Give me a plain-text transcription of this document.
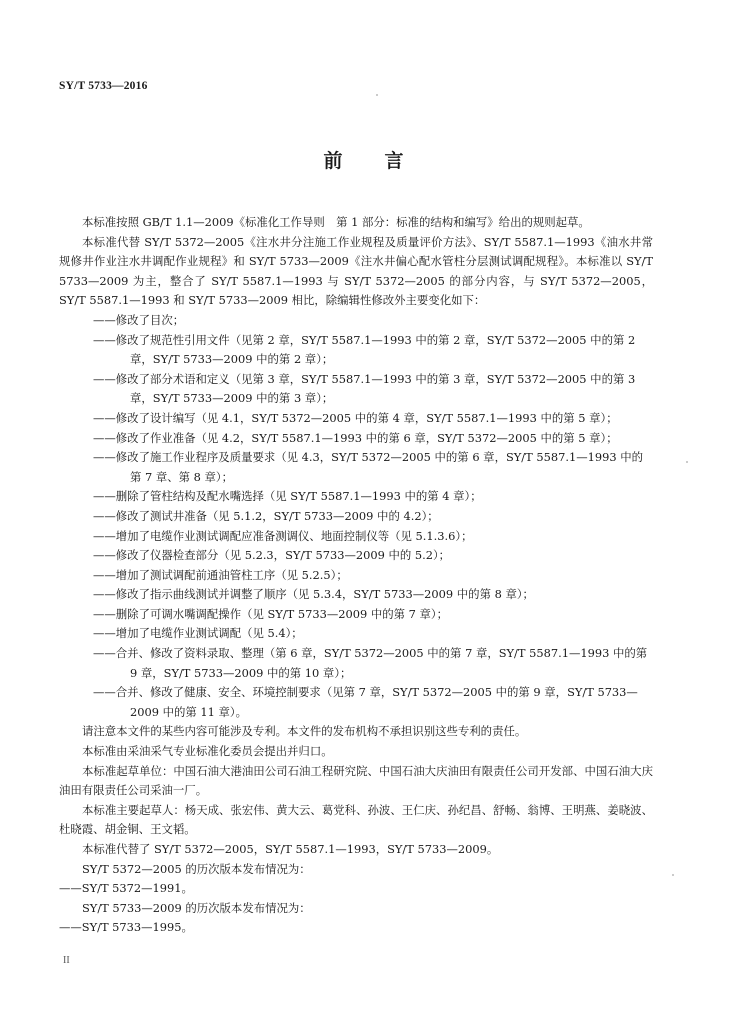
SY/T 5733—2016
前 言

本标准按照 GB/T 1.1—2009《标准化工作导则　第 1 部分：标准的结构和编写》给出的规则起草。

本标准代替 SY/T 5372—2005《注水井分注施工作业规程及质量评价方法》、SY/T 5587.1—1993《油水井常规修井作业注水井调配作业规程》和 SY/T 5733—2009《注水井偏心配水管柱分层测试调配规程》。本标准以 SY/T 5733—2009 为主，整合了 SY/T 5587.1—1993 与 SY/T 5372—2005 的部分内容，与 SY/T 5372—2005，SY/T 5587.1—1993 和 SY/T 5733—2009 相比，除编辑性修改外主要变化如下：

——修改了目次；

——修改了规范性引用文件（见第 2 章，SY/T 5587.1—1993 中的第 2 章，SY/T 5372—2005 中的第 2 章，SY/T 5733—2009 中的第 2 章）；

——修改了部分术语和定义（见第 3 章，SY/T 5587.1—1993 中的第 3 章，SY/T 5372—2005 中的第 3 章，SY/T 5733—2009 中的第 3 章）；

——修改了设计编写（见 4.1，SY/T 5372—2005 中的第 4 章，SY/T 5587.1—1993 中的第 5 章）；

——修改了作业准备（见 4.2，SY/T 5587.1—1993 中的第 6 章，SY/T 5372—2005 中的第 5 章）；

——修改了施工作业程序及质量要求（见 4.3，SY/T 5372—2005 中的第 6 章，SY/T 5587.1—1993 中的第 7 章、第 8 章）；

——删除了管柱结构及配水嘴选择（见 SY/T 5587.1—1993 中的第 4 章）；

——修改了测试井准备（见 5.1.2，SY/T 5733—2009 中的 4.2）；

——增加了电缆作业测试调配应准备测调仪、地面控制仪等（见 5.1.3.6）；

——修改了仪器检查部分（见 5.2.3，SY/T 5733—2009 中的 5.2）；

——增加了测试调配前通油管柱工序（见 5.2.5）；

——修改了指示曲线测试并调整了顺序（见 5.3.4，SY/T 5733—2009 中的第 8 章）；

——删除了可调水嘴调配操作（见 SY/T 5733—2009 中的第 7 章）；

——增加了电缆作业测试调配（见 5.4）；

——合并、修改了资料录取、整理（第 6 章，SY/T 5372—2005 中的第 7 章，SY/T 5587.1—1993 中的第 9 章，SY/T 5733—2009 中的第 10 章）；

——合并、修改了健康、安全、环境控制要求（见第 7 章，SY/T 5372—2005 中的第 9 章，SY/T 5733—2009 中的第 11 章）。

请注意本文件的某些内容可能涉及专利。本文件的发布机构不承担识别这些专利的责任。

本标准由采油采气专业标准化委员会提出并归口。

本标准起草单位：中国石油大港油田公司石油工程研究院、中国石油大庆油田有限责任公司开发部、中国石油大庆油田有限责任公司采油一厂。

本标准主要起草人：杨天成、张宏伟、黄大云、葛党科、孙波、王仁庆、孙纪昌、舒畅、翁博、王明燕、姜晓波、杜晓霞、胡金铜、王文韬。

本标准代替了 SY/T 5372—2005，SY/T 5587.1—1993，SY/T 5733—2009。

SY/T 5372—2005 的历次版本发布情况为：

——SY/T 5372—1991。

SY/T 5733—2009 的历次版本发布情况为：

——SY/T 5733—1995。

II
